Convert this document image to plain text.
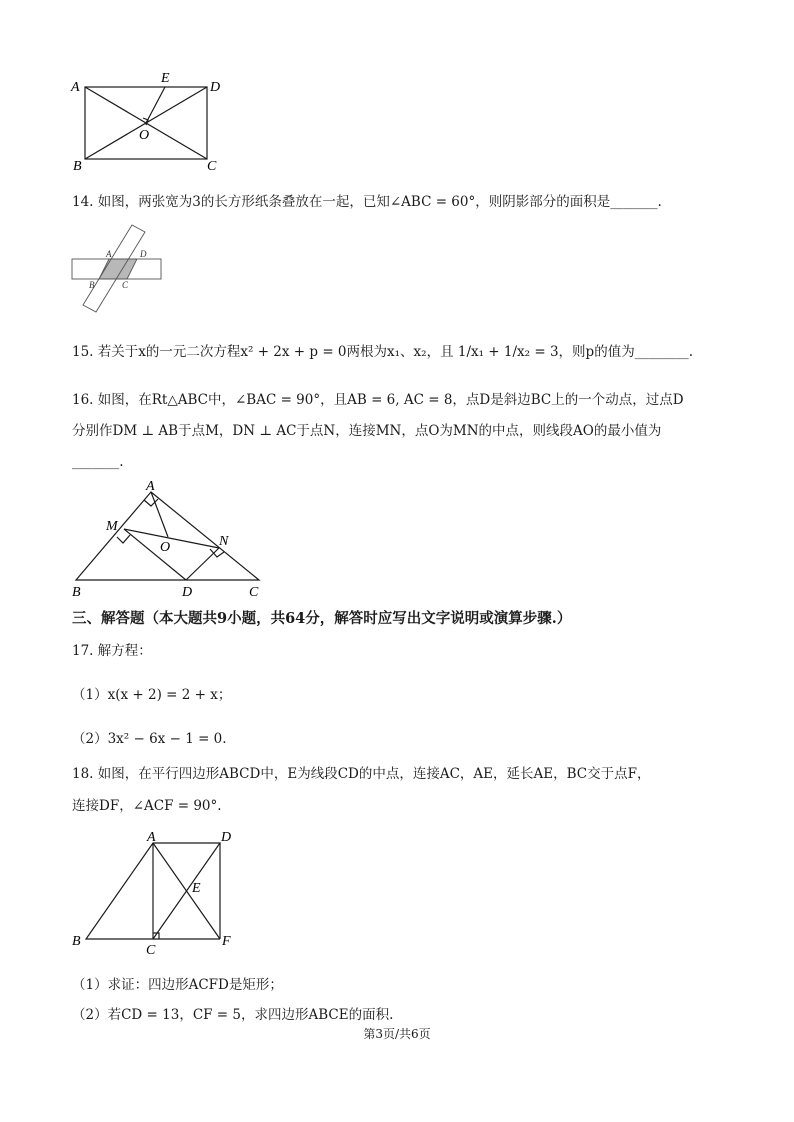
A
E
D
O
B	C
14. 如图，两张宽为3的长方形纸条叠放在一起，已知∠ABC = 60°，则阴影部分的面积是_______.
A	D
B	C
15. 若关于x的一元二次方程x² + 2x + p = 0两根为x₁、x₂，且 1/x₁ + 1/x₂ = 3，则p的值为________.
16. 如图，在Rt△ABC中，∠BAC = 90°，且AB = 6, AC = 8，点D是斜边BC上的一个动点，过点D
分别作DM ⊥ AB于点M，DN ⊥ AC于点N，连接MN，点O为MN的中点，则线段AO的最小值为
_______.
A
M
O	N
B	D	C
三、解答题（本大题共9小题，共64分，解答时应写出文字说明或演算步骤.）
17. 解方程：
（1）x(x + 2) = 2 + x；
（2）3x² − 6x − 1 = 0.
18. 如图，在平行四边形ABCD中，E为线段CD的中点，连接AC，AE，延长AE，BC交于点F，
连接DF，∠ACF = 90°.
A	D
E
B
C
F
（1）求证：四边形ACFD是矩形；
（2）若CD = 13，CF = 5，求四边形ABCE的面积.
第3页/共6页
